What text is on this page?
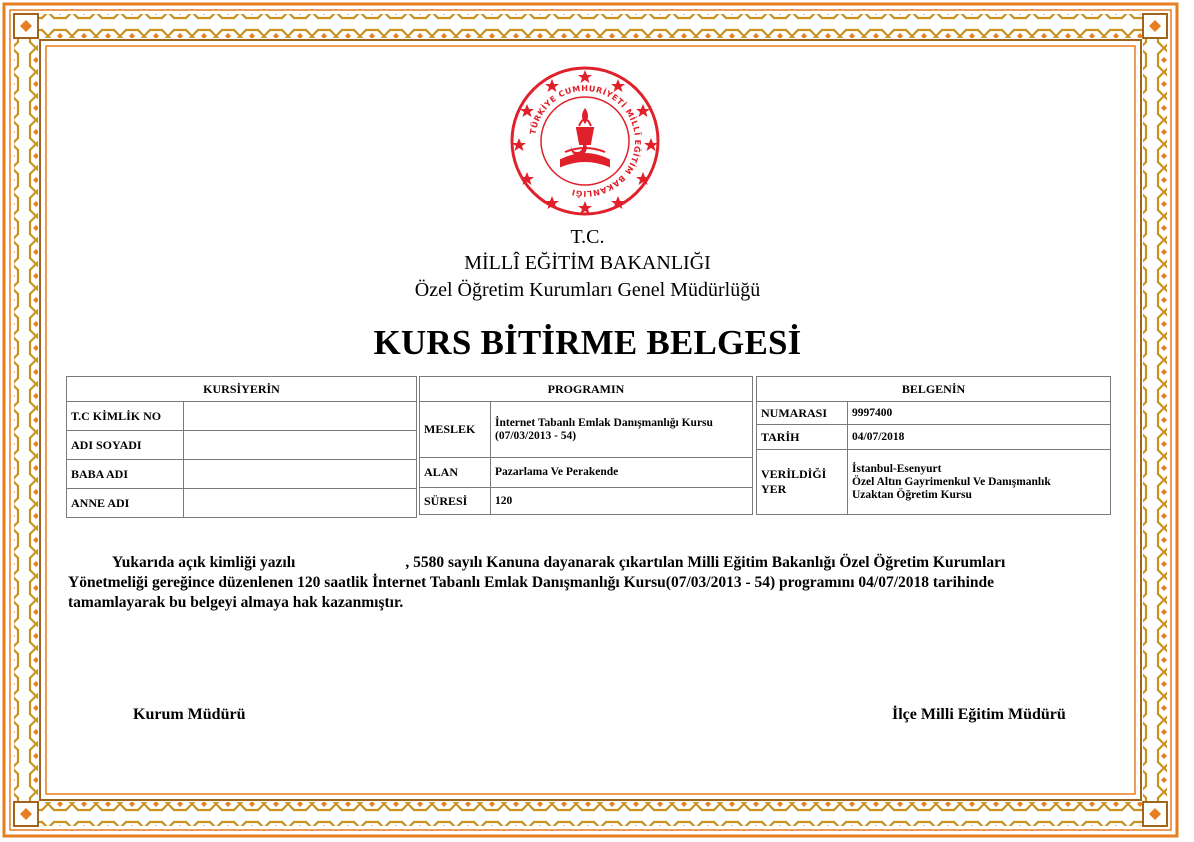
TÜRKİYE CUMHURİYETİ MİLLÎ EĞİTİM BAKANLIĞI
T.C.
MİLLÎ EĞİTİM BAKANLIĞI
Özel Öğretim Kurumları Genel Müdürlüğü
KURS BİTİRME BELGESİ
KURSİYERİN	
T.C KİMLİK NO	
ADI SOYADI	
BABA ADI	
ANNE ADI	
PROGRAMIN	
MESLEK	İnternet Tabanlı Emlak Danışmanlığı Kursu (07/03/2013 - 54)
ALAN	Pazarlama Ve Perakende
SÜRESİ	120
BELGENİN	
NUMARASI	9997400
TARİH	04/07/2018
VERİLDİĞİ YER	İstanbul-Esenyurt
Özel Altın Gayrimenkul Ve Danışmanlık
Uzaktan Öğretim Kursu
Yukarıda açık kimliği yazılı	, 5580 sayılı Kanuna dayanarak çıkartılan Milli Eğitim Bakanlığı Özel Öğretim Kurumları Yönetmeliği gereğince düzenlenen 120 saatlik İnternet Tabanlı Emlak Danışmanlığı Kursu(07/03/2013 - 54) programını 04/07/2018 tarihinde tamamlayarak bu belgeyi almaya hak kazanmıştır.
Kurum Müdürü	İlçe Milli Eğitim Müdürü
